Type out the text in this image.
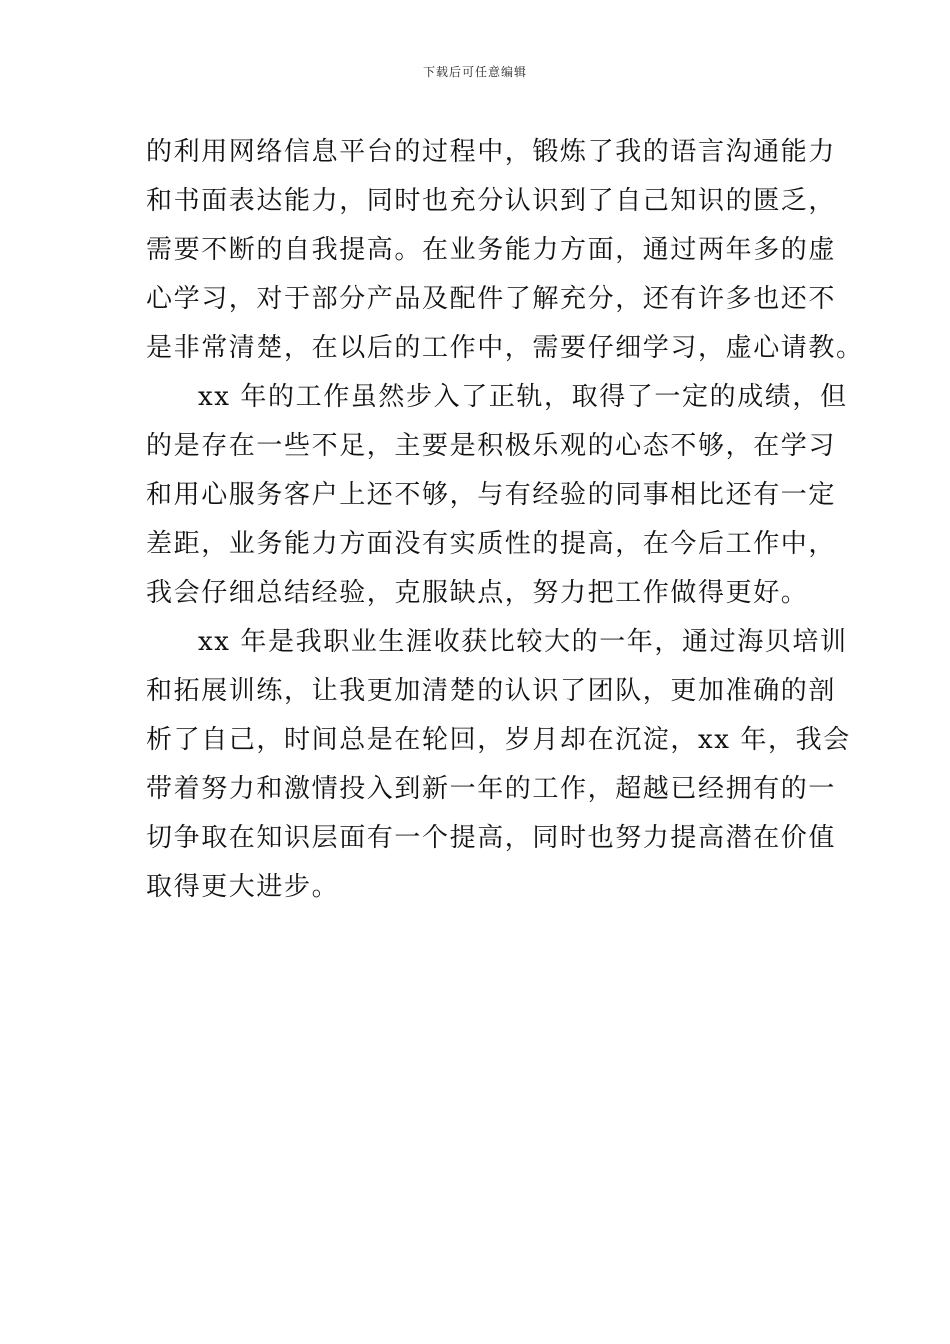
下载后可任意编辑
的利用网络信息平台的过程中，锻炼了我的语言沟通能力
和书面表达能力，同时也充分认识到了自己知识的匮乏，
需要不断的自我提高。在业务能力方面，通过两年多的虚
心学习，对于部分产品及配件了解充分，还有许多也还不
是非常清楚，在以后的工作中，需要仔细学习，虚心请教。
xx 年的工作虽然步入了正轨，取得了一定的成绩，但
的是存在一些不足，主要是积极乐观的心态不够，在学习
和用心服务客户上还不够，与有经验的同事相比还有一定
差距，业务能力方面没有实质性的提高，在今后工作中，
我会仔细总结经验，克服缺点，努力把工作做得更好。
xx 年是我职业生涯收获比较大的一年，通过海贝培训
和拓展训练，让我更加清楚的认识了团队，更加准确的剖
析了自己，时间总是在轮回，岁月却在沉淀，xx 年，我会
带着努力和激情投入到新一年的工作，超越已经拥有的一
切争取在知识层面有一个提高，同时也努力提高潜在价值
取得更大进步。
